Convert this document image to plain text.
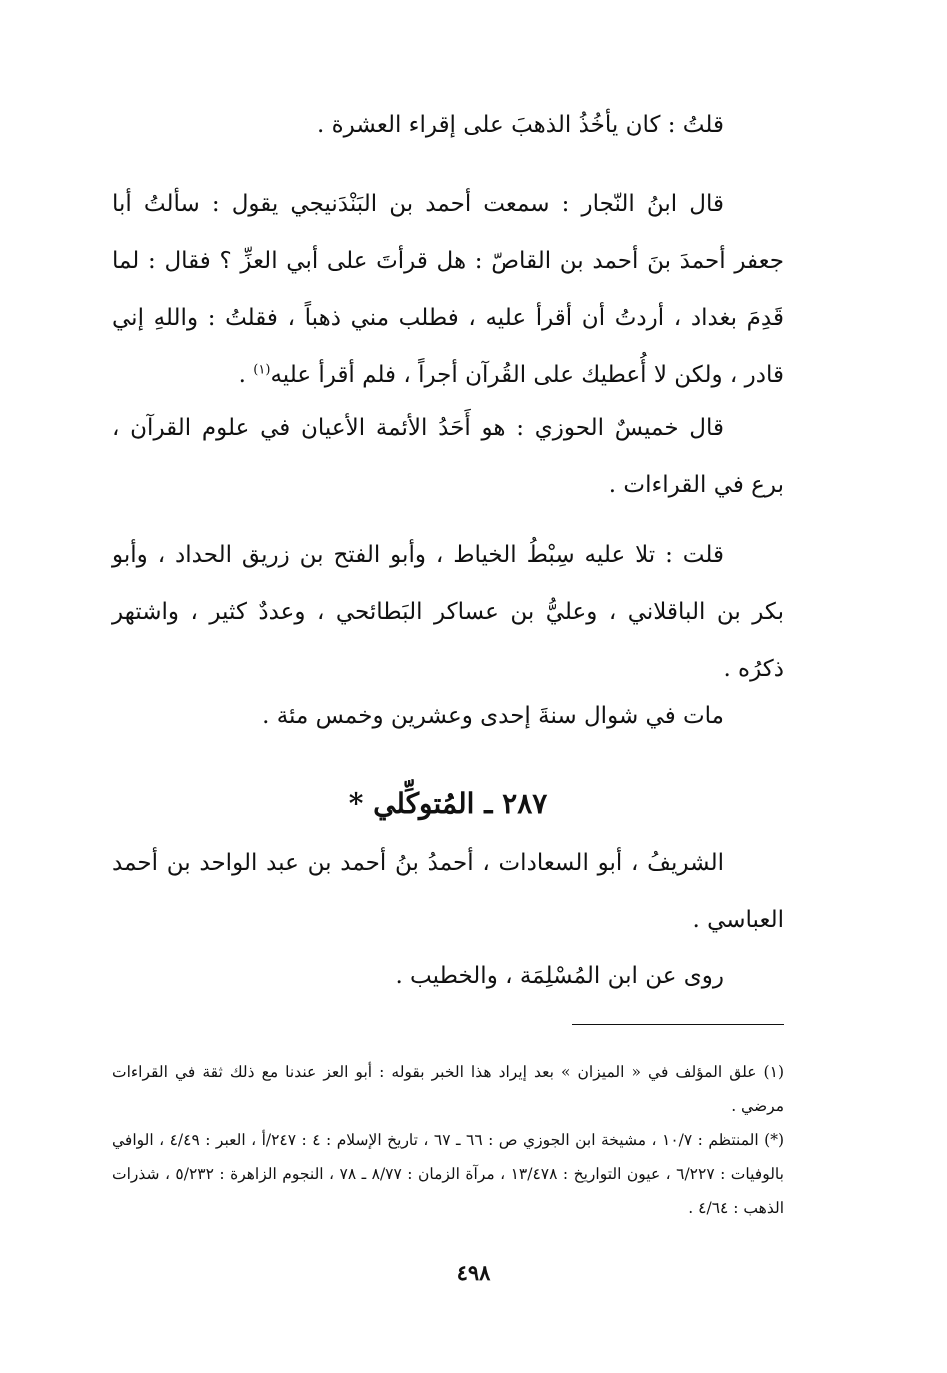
قلتُ : كان يأخُذُ الذهبَ على إقراء العشرة .

قال ابنُ النّجار : سمعت أحمد بن البَنْدَنيجي يقول : سألتُ أبا جعفر أحمدَ بنَ أحمد بن القاصّ : هل قرأتَ على أبي العزِّ ؟ فقال : لما قَدِمَ بغداد ، أردتُ أن أقرأ عليه ، فطلب مني ذهباً ، فقلتُ : واللهِ إني قادر ، ولكن لا أُعطيك على القُرآن أجراً ، فلم أقرأ عليه$^{(١)}$ .

قال خميسٌ الحوزي : هو أَحَدُ الأئمة الأعيان في علوم القرآن ، برع في القراءات .

قلت : تلا عليه سِبْطُ الخياط ، وأبو الفتح بن زريق الحداد ، وأبو بكر بن الباقلاني ، وعليُّ بن عساكر البَطائحي ، وعددٌ كثير ، واشتهر ذكرُه .

مات في شوال سنةَ إحدى وعشرين وخمس مئة .

٢٨٧ ـ المُتوكِّلي *

الشريفُ ، أبو السعادات ، أحمدُ بنُ أحمد بن عبد الواحد بن أحمد العباسي .

روى عن ابن المُسْلِمَة ، والخطيب .

(١) علق المؤلف في « الميزان » بعد إيراد هذا الخبر بقوله : أبو العز عندنا مع ذلك ثقة في القراءات مرضي .

(*) المنتظم : ١٠/٧ ، مشيخة ابن الجوزي ص : ٦٦ ـ ٦٧ ، تاريخ الإسلام : ٤ : ٢٤٧/أ ، العبر : ٤/٤٩ ، الوافي بالوفيات : ٦/٢٢٧ ، عيون التواريخ : ١٣/٤٧٨ ، مرآة الزمان : ٨/٧٧ ـ ٧٨ ، النجوم الزاهرة : ٥/٢٣٢ ، شذرات الذهب : ٤/٦٤ .

٤٩٨
